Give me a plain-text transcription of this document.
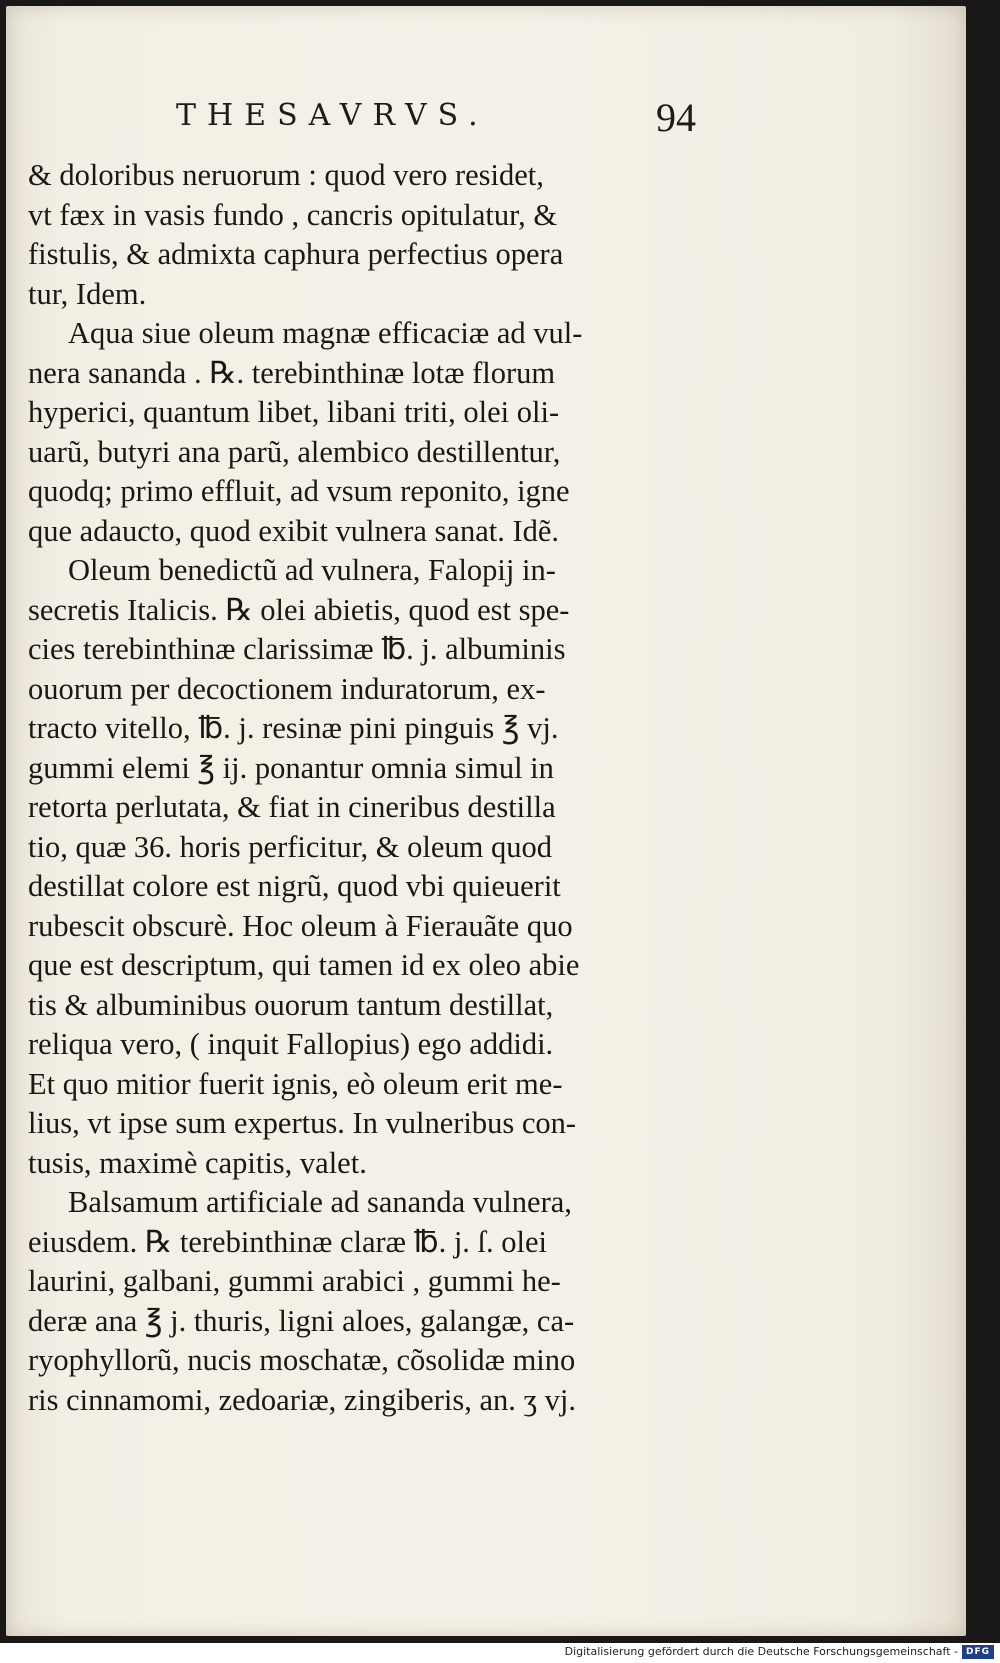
THESAVRVS.	94
& doloribus neruorum : quod vero residet,
vt fæx in vasis fundo , cancris opitulatur, &
fistulis, & admixta caphura perfectius opera
tur, Idem.
Aqua siue oleum magnæ efficaciæ ad vul-
nera sananda . ℞. terebinthinæ lotæ florum
hyperici, quantum libet, libani triti, olei oli-
uarũ, butyri ana parũ, alembico destillentur,
quodq; primo effluit, ad vsum reponito, igne
que adaucto, quod exibit vulnera sanat. Idẽ.
Oleum benedictũ ad vulnera, Falopij in-
secretis Italicis. ℞ olei abietis, quod est spe-
cies terebinthinæ clarissimæ ℔. j. albuminis
ouorum per decoctionem induratorum, ex-
tracto vitello, ℔. j. resinæ pini pinguis ℥ vj.
gummi elemi ℥ ij. ponantur omnia simul in
retorta perlutata, & fiat in cineribus destilla
tio, quæ 36. horis perficitur, & oleum quod
destillat colore est nigrũ, quod vbi quieuerit
rubescit obscurè. Hoc oleum à Fierauãte quo
que est descriptum, qui tamen id ex oleo abie
tis & albuminibus ouorum tantum destillat,
reliqua vero, ( inquit Fallopius) ego addidi.
Et quo mitior fuerit ignis, eò oleum erit me-
lius, vt ipse sum expertus. In vulneribus con-
tusis, maximè capitis, valet.
Balsamum artificiale ad sananda vulnera,
eiusdem. ℞ terebinthinæ claræ ℔. j. ſ. olei
laurini, galbani, gummi arabici , gummi he-
deræ ana ℥ j. thuris, ligni aloes, galangæ, ca-
ryophyllorũ, nucis moschatæ, cõsolidæ mino
ris cinnamomi, zedoariæ, zingiberis, an. ʒ vj.
Digitalisierung gefördert durch die Deutsche Forschungsgemeinschaft - DFG
